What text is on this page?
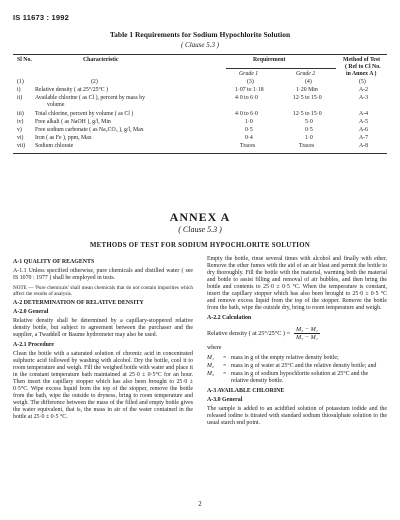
IS 11673 : 1992
Table 1 Requirements for Sodium Hypochlorite Solution
( Clause 5.3 )
Sl No.	Characteristic	Requirement	Method of Test
( Ref to Cl No.
in Annex A )
Grade 1	Grade 2
(1)	(2)	(3)	(4)	(5)
i) Relative density ( at 25°/25°C )	1·07 to 1·18	1·20 Min	A-2
ii) Available chlorine ( as Cl ), percent by mass by
volume
4·0 to 6·0	12·5 to 15·0	A-3
iii) Total chlorine, percent by volume ( as Cl )	4·0 to 6·0	12·5 to 15·0	A-4
iv) Free alkali ( as NaOH ), g/l, Min	1·0	5·0	A-5
v) Free sodium carbonate ( as Na₂CO₃ ), g/l, Max	0·5	0·5	A-6
vi) Iron ( as Fe ), ppm, Max	0·4	1·0	A-7
vii) Sodium chlorate	Traces	Traces	A-8
ANNEX A
( Clause 5.3 )
METHODS OF TEST FOR SODIUM HYPOCHLORITE SOLUTION

A-1 QUALITY OF REAGENTS

A-1.1 Unless specified otherwise, pure chemicals and distilled water ( see IS 1070 : 1977 ) shall be employed in tests.

NOTE — 'Pure chemicals' shall mean chemicals that do not contain impurities which affect the results of analysis.

A-2 DETERMINATION OF RELATIVE DENSITY

A-2.0 General

Relative density shall be determined by a capillary-stoppered relative density bottle, but subject to agreement between the purchaser and the supplier, a Twaddell or Baume hydrometer may also be used.

A-2.1 Procedure

Clean the bottle with a saturated solution of chromic acid in concentrated sulphuric acid followed by washing with alcohol. Dry the bottle, cool it to room temperature and weigh. Fill the weighed bottle with water and place it in the constant temperature bath maintained at 25·0 ± 0·5°C for an hour. Then insert the capillary stopper which has also been brought to 25·0 ± 0·5°C. Wipe excess liquid from the top of the stopper, remove the bottle from the bath, wipe the outside to dryness, bring to room temperature and weigh. The difference between the mass of the filled and empty bottle gives the water equivalent, that is, the mass in air of the water contained in the bottle at 25·0 ± 0·5 °C.

Empty the bottle, rinse several times with alcohol and finally with ether. Remove the ether fumes with the aid of an air blast and permit the bottle to dry thoroughly. Fill the bottle with the material, warming both the material and bottle to assist filling and removal of air bubbles, and then bring the bottle and contents to 25·0 ± 0·5 °C. When the temperature is constant, insert the capillary stopper which has also been brought to 25·0 ± 0·5 °C and remove excess liquid from the top of the stopper. Remove the bottle from the bath, wipe the outside dry, bring to room temperature and weigh.

A-2.2 Calculation

Relative density ( at 25°/25°C ) = $\frac{\text{M₃ − M₁}}{\text{M₂ − M₁}}$

where

M₁	= mass in g of the empty relative density bottle;
M₂	= mass in g of water at 25°C and the relative density bottle; and
M₃	= mass in g of sodium hypochlorite solution at 25°C and the relative density bottle.

A-3 AVAILABLE CHLORINE

A-3.0 General

The sample is added to an acidified solution of potassium iodide and the released iodine is titrated with standard sodium thiosulphate solution to the usual starch end point.

2
